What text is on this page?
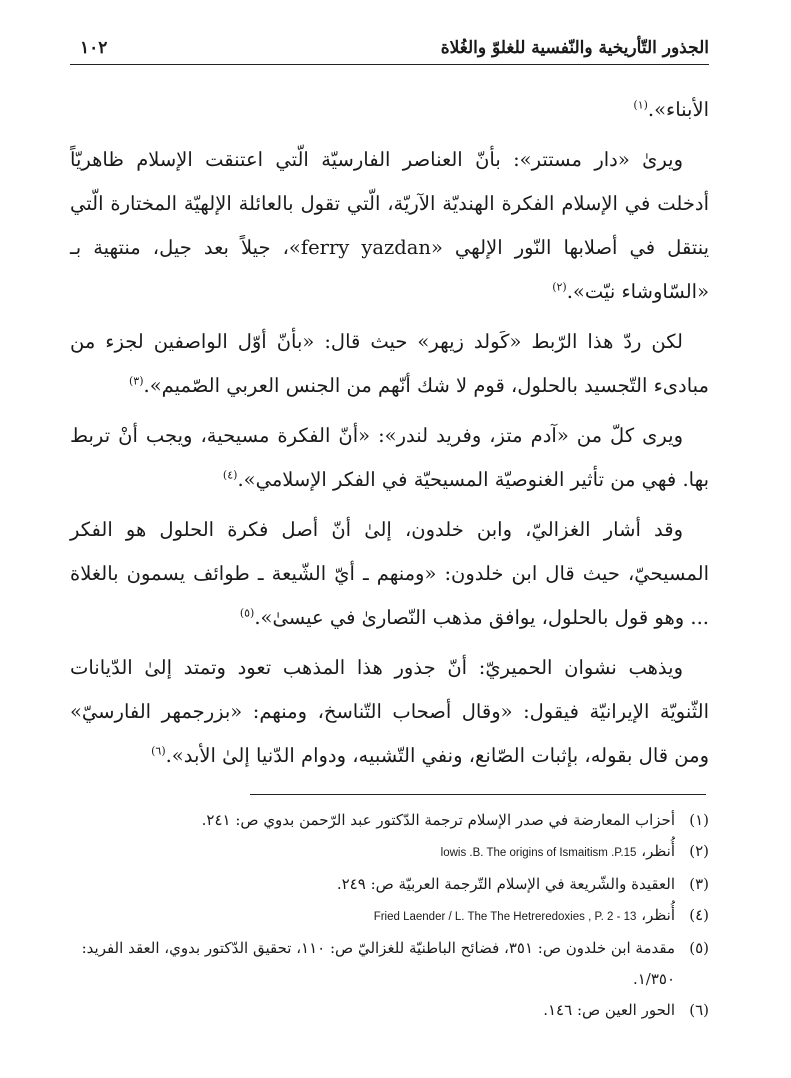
الجذور التّأريخية والنّفسية للغلوّ والغُلاة
١٠٢

الأبناء».$^{(١)}$

ويرىٰ «دار مستتر»: بأنّ العناصر الفارسيّة الّتي اعتنقت الإسلام ظاهريّاً أدخلت في الإسلام الفكرة الهنديّة الآريّة، الّتي تقول بالعائلة الإلهيّة المختارة الّتي ينتقل في أصلابها النّور الإلهي «ferry yazdan»، جيلاً بعد جيل، منتهية بـ «السّاوشاء نيّت».$^{(٢)}$

لكن ردّ هذا الرّبط «كَولد زيهر» حيث قال: «بأنّ أوّل الواصفين لجزء من مبادىء التّجسيد بالحلول، قوم لا شك أنّهم من الجنس العربي الصّميم».$^{(٣)}$

ويرى كلّ من «آدم متز، وفريد لندر»: «أنّ الفكرة مسيحية، ويجب أنْ تربط بها. فهي من تأثير الغنوصيّة المسيحيّة في الفكر الإسلامي».$^{(٤)}$

وقد أشار الغزاليّ، وابن خلدون، إلىٰ أنّ أصل فكرة الحلول هو الفكر المسيحيّ، حيث قال ابن خلدون: «ومنهم ـ أيّ الشّيعة ـ طوائف يسمون بالغلاة ... وهو قول بالحلول، يوافق مذهب النّصارىٰ في عيسىٰ».$^{(٥)}$

ويذهب نشوان الحميريّ: أنّ جذور هذا المذهب تعود وتمتد إلىٰ الدّيانات الثّنويّة الإيرانيّة فيقول: «وقال أصحاب التّناسخ، ومنهم: «بزرجمهر الفارسيّ» ومن قال بقوله، بإثبات الصّانع، ونفي التّشبيه، ودوام الدّنيا إلىٰ الأبد».$^{(٦)}$

(١)
أحزاب المعارضة في صدر الإسلام ترجمة الدّكتور عبد الرّحمن بدوي ص: ٢٤١.

(٢)
أُنظر، lowis .B. The origins of Ismaitism .P.15

(٣)
العقيدة والشّريعة في الإسلام التّرجمة العربيّة ص: ٢٤٩.

(٤)
أُنظر، Fried Laender / L. The The Hetreredoxies , P. 2 - 13

(٥)
مقدمة ابن خلدون ص: ٣٥١، فضائح الباطنيّة للغزاليّ ص: ١١٠، تحقيق الدّكتور بدوي، العقد الفريد: ١/٣٥٠.

(٦)
الحور العين ص: ١٤٦.
